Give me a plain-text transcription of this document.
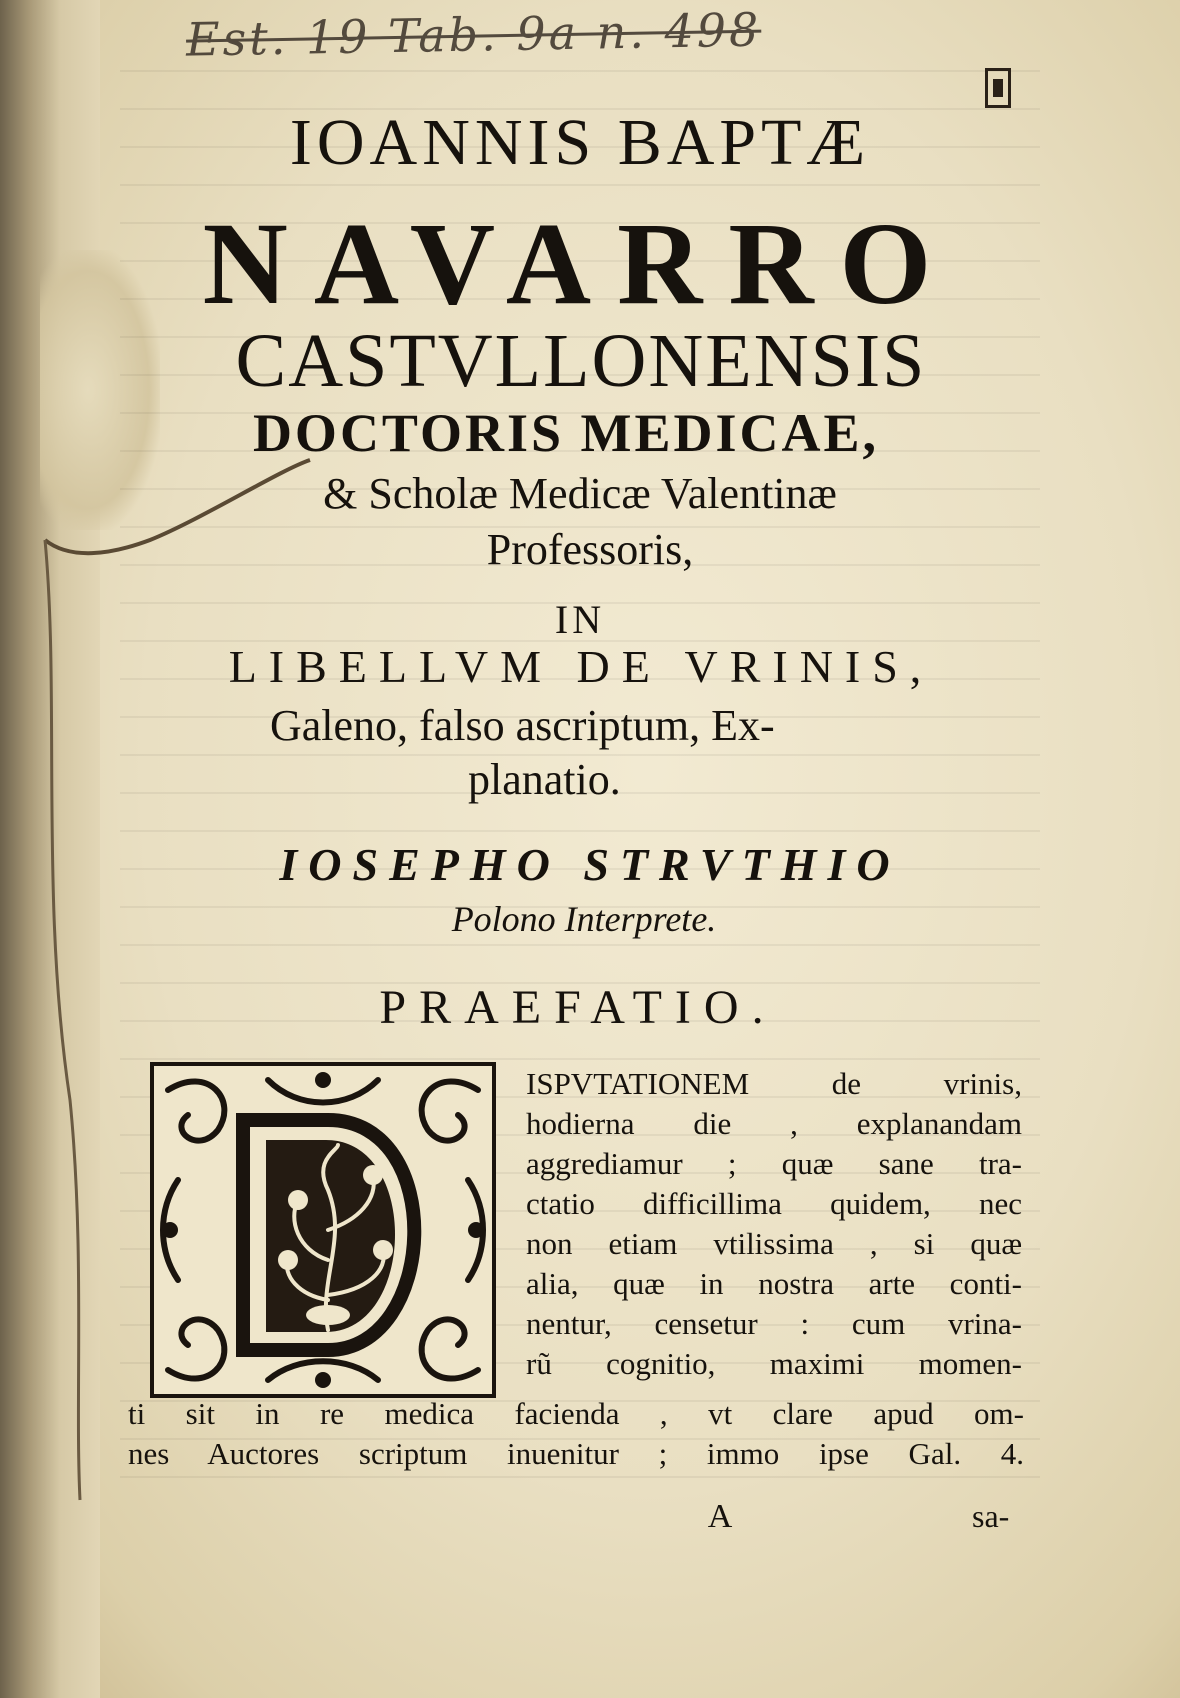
Est. 19 Tab. 9a n. 498
IOANNIS BAPTÆ
NAVARRO
CASTVLLONENSIS
DOCTORIS MEDICAE,
& Scholæ Medicæ Valentinæ
Professoris,
IN
LIBELLVM DE VRINIS,
Galeno, falso ascriptum, Ex-
planatio.
IOSEPHO STRVTHIO
Polono Interprete.
PRAEFATIO.
ISPVTATIONEM de vrinis,
hodierna die , explanandam
aggrediamur ; quæ sane tra-
ctatio difficillima quidem, nec
non etiam vtilissima , si quæ
alia, quæ in nostra arte conti-
nentur, censetur : cum vrina-
rũ cognitio, maximi momen-
ti sit in re medica facienda , vt clare apud om-
nes Auctores scriptum inuenitur ; immo ipse Gal. 4.
A	sa-
